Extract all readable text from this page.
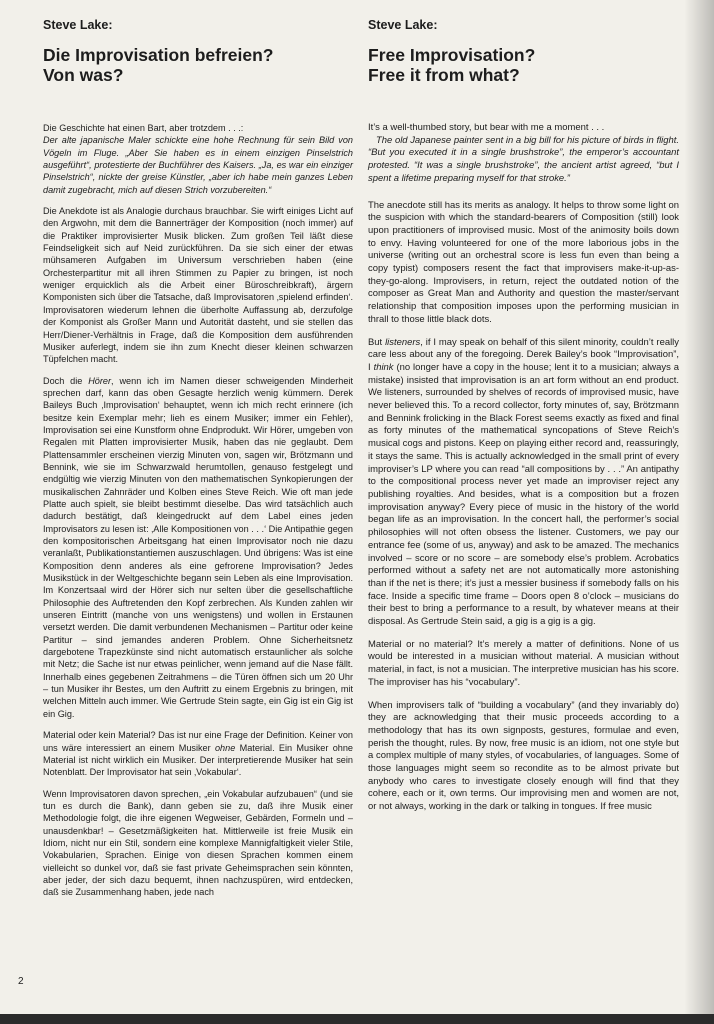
Steve Lake:
Die Improvisation befreien?
Von was?

Die Geschichte hat einen Bart, aber trotzdem . . .:
Der alte japanische Maler schickte eine hohe Rechnung für sein Bild von Vögeln im Fluge. „Aber Sie haben es in einem einzigen Pinselstrich ausgeführt“, protestierte der Buchführer des Kaisers. „Ja, es war ein einziger Pinselstrich“, nickte der greise Künstler, „aber ich habe mein ganzes Leben damit zugebracht, mich auf diesen Strich vorzubereiten.“

Die Anekdote ist als Analogie durchaus brauchbar. Sie wirft einiges Licht auf den Argwohn, mit dem die Bannerträger der Komposition (noch immer) auf die Praktiker improvisierter Musik blicken. Zum großen Teil läßt diese Feindseligkeit sich auf Neid zurückführen. Da sie sich einer der etwas mühsameren Aufgaben im Universum verschrieben haben (eine Orchesterpartitur mit all ihren Stimmen zu Papier zu bringen, ist noch weniger erquicklich als die Arbeit einer Büroschreibkraft), ärgern Komponisten sich über die Tatsache, daß Improvisatoren ‚spielend erfinden‘. Improvisatoren wiederum lehnen die überholte Auffassung ab, derzufolge der Komponist als Großer Mann und Autorität dasteht, und sie stellen das Herr/Diener-Verhältnis in Frage, daß die Komposition dem ausführenden Musiker auferlegt, indem sie ihn zum Knecht dieser kleinen schwarzen Tüpfelchen macht.

Doch die Hörer, wenn ich im Namen dieser schweigenden Minderheit sprechen darf, kann das oben Gesagte herzlich wenig kümmern. Derek Baileys Buch ‚Improvisation‘ behauptet, wenn ich mich recht erinnere (ich besitze kein Exemplar mehr; lieh es einem Musiker; immer ein Fehler), Improvisation sei eine Kunstform ohne Endprodukt. Wir Hörer, umgeben von Regalen mit Platten improvisierter Musik, haben das nie geglaubt. Dem Plattensammler erscheinen vierzig Minuten von, sagen wir, Brötzmann und Bennink, wie sie im Schwarzwald herumtollen, genauso festgelegt und endgültig wie vierzig Minuten von den mathematischen Synkopierungen der musikalischen Zahnräder und Kolben eines Steve Reich. Wie oft man jede Platte auch spielt, sie bleibt bestimmt dieselbe. Das wird tatsächlich auch dadurch bestätigt, daß kleingedruckt auf dem Label eines jeden Improvisators zu lesen ist: ‚Alle Kompositionen von . . .‘ Die Antipathie gegen den kompositorischen Arbeitsgang hat einen Improvisator noch nie dazu veranlaßt, Publikationstantiemen auszuschlagen. Und übrigens: Was ist eine Komposition denn anderes als eine gefrorene Improvisation? Jedes Musikstück in der Weltgeschichte begann sein Leben als eine Improvisation. Im Konzertsaal wird der Hörer sich nur selten über die gesellschaftliche Philosophie des Auftretenden den Kopf zerbrechen. Als Kunden zahlen wir unseren Eintritt (manche von uns wenigstens) und wollen in Erstaunen versetzt werden. Die damit verbundenen Mechanismen – Partitur oder keine Partitur – sind jemandes anderen Problem. Ohne Sicherheitsnetz dargebotene Trapezkünste sind nicht automatisch erstaunlicher als solche mit Netz; die Sache ist nur etwas peinlicher, wenn jemand auf die Nase fällt. Innerhalb eines gegebenen Zeitrahmens – die Türen öffnen sich um 20 Uhr – tun Musiker ihr Bestes, um den Auftritt zu einem Ergebnis zu bringen, mit welchen Mitteln auch immer. Wie Gertrude Stein sagte, ein Gig ist ein Gig ist ein Gig.

Material oder kein Material? Das ist nur eine Frage der Definition. Keiner von uns wäre interessiert an einem Musiker ohne Material. Ein Musiker ohne Material ist nicht wirklich ein Musiker. Der interpretierende Musiker hat sein Notenblatt. Der Improvisator hat sein ‚Vokabular‘.

Wenn Improvisatoren davon sprechen, „ein Vokabular aufzubauen“ (und sie tun es durch die Bank), dann geben sie zu, daß ihre Musik einer Methodologie folgt, die ihre eigenen Wegweiser, Gebärden, Formeln und – unausdenkbar! – Gesetzmäßigkeiten hat. Mittlerweile ist freie Musik ein Idiom, nicht nur ein Stil, sondern eine komplexe Mannigfaltigkeit vieler Stile, Vokabularien, Sprachen. Einige von diesen Sprachen kommen einem vielleicht so dunkel vor, daß sie fast private Geheimsprachen sein könnten, aber jeder, der sich dazu bequemt, ihnen nachzuspüren, wird entdecken, daß sie Zusammenhang haben, jede nach

Steve Lake:
Free Improvisation?
Free it from what?

It’s a well-thumbed story, but bear with me a moment . . .

The old Japanese painter sent in a big bill for his picture of birds in flight. “But you executed it in a single brushstroke”, the emperor’s accountant protested. “It was a single brushstroke”, the ancient artist agreed, “but I spent a lifetime preparing myself for that stroke.”

The anecdote still has its merits as analogy. It helps to throw some light on the suspicion with which the standard-bearers of Composition (still) look upon practitioners of improvised music. Most of the animosity boils down to envy. Having volunteered for one of the more laborious jobs in the universe (writing out an orchestral score is less fun even than being a copy typist) composers resent the fact that improvisers make-it-up-as-they-go-along. Improvisers, in return, reject the outdated notion of the composer as Great Man and Authority and question the master/servant relationship that composition imposes upon the performing musician in thrall to those little black dots.

But listeners, if I may speak on behalf of this silent minority, couldn’t really care less about any of the foregoing. Derek Bailey’s book “Improvisation”, I think (no longer have a copy in the house; lent it to a musician; always a mistake) insisted that improvisation is an art form without an end product. We listeners, surrounded by shelves of records of improvised music, have never believed this. To a record collector, forty minutes of, say, Brötzmann and Bennink frolicking in the Black Forest seems exactly as fixed and final as forty minutes of the mathematical syncopations of Steve Reich’s musical cogs and pistons. Keep on playing either record and, reassuringly, it stays the same. This is actually acknowledged in the small print of every improviser’s LP where you can read “all compositions by . . .” An antipathy to the compositional process never yet made an improviser reject any publishing royalties. And besides, what is a composition but a frozen improvisation anyway? Every piece of music in the history of the world began life as an improvisation. In the concert hall, the performer’s social philosophies will not often obsess the listener. Customers, we pay our entrance fee (some of us, anyway) and ask to be amazed. The mechanics involved – score or no score – are somebody else’s problem. Acrobatics performed without a safety net are not automatically more astonishing than if the net is there; it’s just a messier business if somebody falls on his face. Inside a specific time frame – Doors open 8 o’clock – musicians do their best to bring a performance to a result, by whatever means at their disposal. As Gertrude Stein said, a gig is a gig is a gig.

Material or no material? It’s merely a matter of definitions. None of us would be interested in a musician without material. A musician without material, in fact, is not a musician. The interpretive musician has his score. The improviser has his “vocabulary”.

When improvisers talk of “building a vocabulary” (and they invariably do) they are acknowledging that their music proceeds according to a methodology that has its own signposts, gestures, formulae and even, perish the thought, rules. By now, free music is an idiom, not one style but a complex multiple of many styles, of vocabularies, of languages. Some of those languages might seem so recondite as to be almost private but anybody who cares to investigate closely enough will find that they cohere, each or it, own terms. Our improvising men and women are not, or not always, working in the dark or talking in tongues. If free music

2
